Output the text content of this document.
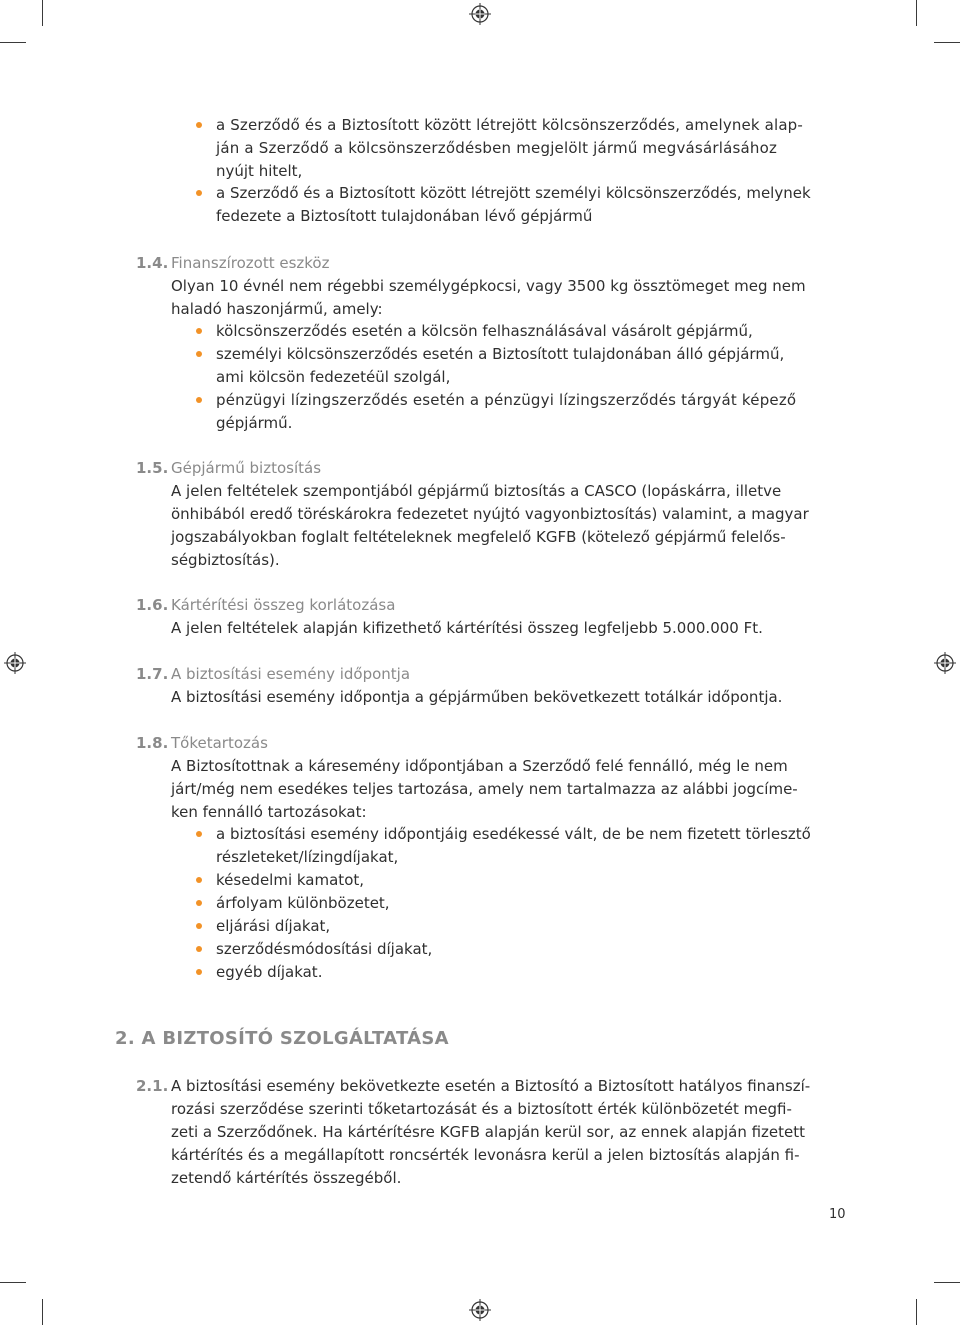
a Szerződő és a Biztosított között létrejött kölcsönszerződés, amelynek alap-
ján a Szerződő a kölcsönszerződésben megjelölt jármű megvásárlásához
nyújt hitelt,
a Szerződő és a Biztosított között létrejött személyi kölcsönszerződés, melynek
fedezete a Biztosított tulajdonában lévő gépjármű
1.4. Finanszírozott eszköz
Olyan 10 évnél nem régebbi személygépkocsi, vagy 3500 kg össztömeget meg nem
haladó haszonjármű, amely:
kölcsönszerződés esetén a kölcsön felhasználásával vásárolt gépjármű,
személyi kölcsönszerződés esetén a Biztosított tulajdonában álló gépjármű,
ami kölcsön fedezetéül szolgál,
pénzügyi lízingszerződés esetén a pénzügyi lízingszerződés tárgyát képező
gépjármű.
1.5. Gépjármű biztosítás
A jelen feltételek szempontjából gépjármű biztosítás a CASCO (lopáskárra, illetve
önhibából eredő töréskárokra fedezetet nyújtó vagyonbiztosítás) valamint, a magyar
jogszabályokban foglalt feltételeknek megfelelő KGFB (kötelező gépjármű felelős-
ségbiztosítás).
1.6. Kártérítési összeg korlátozása
A jelen feltételek alapján kifizethető kártérítési összeg legfeljebb 5.000.000 Ft.
1.7. A biztosítási esemény időpontja
A biztosítási esemény időpontja a gépjárműben bekövetkezett totálkár időpontja.
1.8. Tőketartozás
A Biztosítottnak a káresemény időpontjában a Szerződő felé fennálló, még le nem
járt/még nem esedékes teljes tartozása, amely nem tartalmazza az alábbi jogcíme-
ken fennálló tartozásokat:
a biztosítási esemény időpontjáig esedékessé vált, de be nem fizetett törlesztő
részleteket/lízingdíjakat,
késedelmi kamatot,
árfolyam különbözetet,
eljárási díjakat,
szerződésmódosítási díjakat,
egyéb díjakat.
2. A BIZTOSÍTÓ SZOLGÁLTATÁSA
2.1. A biztosítási esemény bekövetkezte esetén a Biztosító a Biztosított hatályos finanszí-
rozási szerződése szerinti tőketartozását és a biztosított érték különbözetét megfi-
zeti a Szerződőnek. Ha kártérítésre KGFB alapján kerül sor, az ennek alapján fizetett
kártérítés és a megállapított roncsérték levonásra kerül a jelen biztosítás alapján fi-
zetendő kártérítés összegéből.
10
